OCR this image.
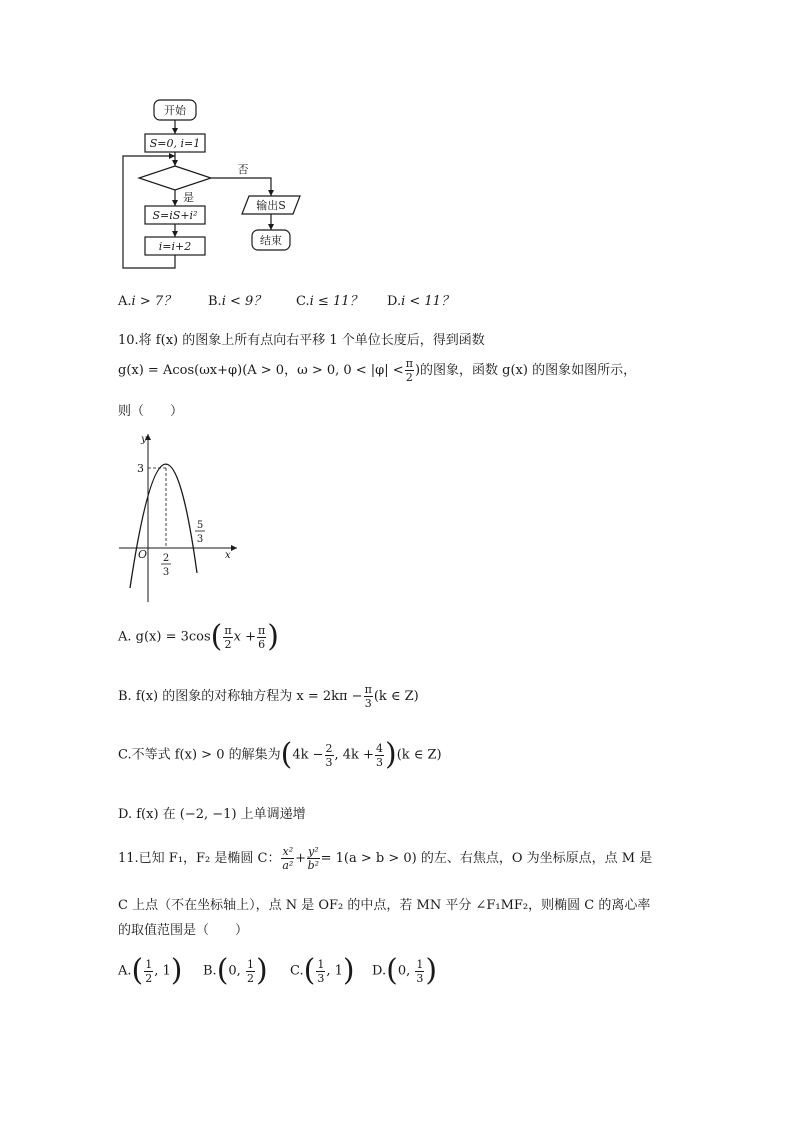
开始
S=0, i=1
否
是
S=iS+i²
i=i+2
输出S
结束
A.i > 7？ B.i < 9？ C.i ≤ 11？ D.i < 11？
10.将 f(x) 的图象上所有点向右平移 1 个单位长度后，得到函数
g(x) = Acos(ωx+φ)(A > 0，ω > 0, $0 < |\varphi| < \frac{\pi}{2}$ )的图象，函数 g(x) 的图象如图所示，
则（　　）
y
x
O
3
2
3
5
3
A. $g(x) = 3\cos( \frac{\pi}{2}$ $x + \frac{\pi}{6}$ )
B. f(x) 的图象的对称轴方程为 $x = 2k\pi - \frac{\pi}{3} (k$ ∈ Z)
C.不等式 f(x) > 0 的解集为($4k - \frac{2}{3}$ , $4k + \frac{4}{3} )(k$ ∈ Z)
D. f(x) 在 (−2, −1) 上单调递增
11.已知 F₁，F₂ 是椭圆 C： $\frac{\text{x²}}{\text{a²}} + \frac{\text{y²}}{\text{b²}} = 1(a > b > 0)$ 的左、右焦点，O 为坐标原点，点 M 是
C 上点（不在坐标轴上），点 N 是 OF₂ 的中点，若 MN 平分 ∠F₁MF₂，则椭圆 C 的离心率
的取值范围是（　　）
$A.( \frac{1}{2}$ , 1) B.(0, $\frac{1}{2}$ ) $C.( \frac{1}{3}$ , 1) D.(0, $\frac{1}{3}$ )
